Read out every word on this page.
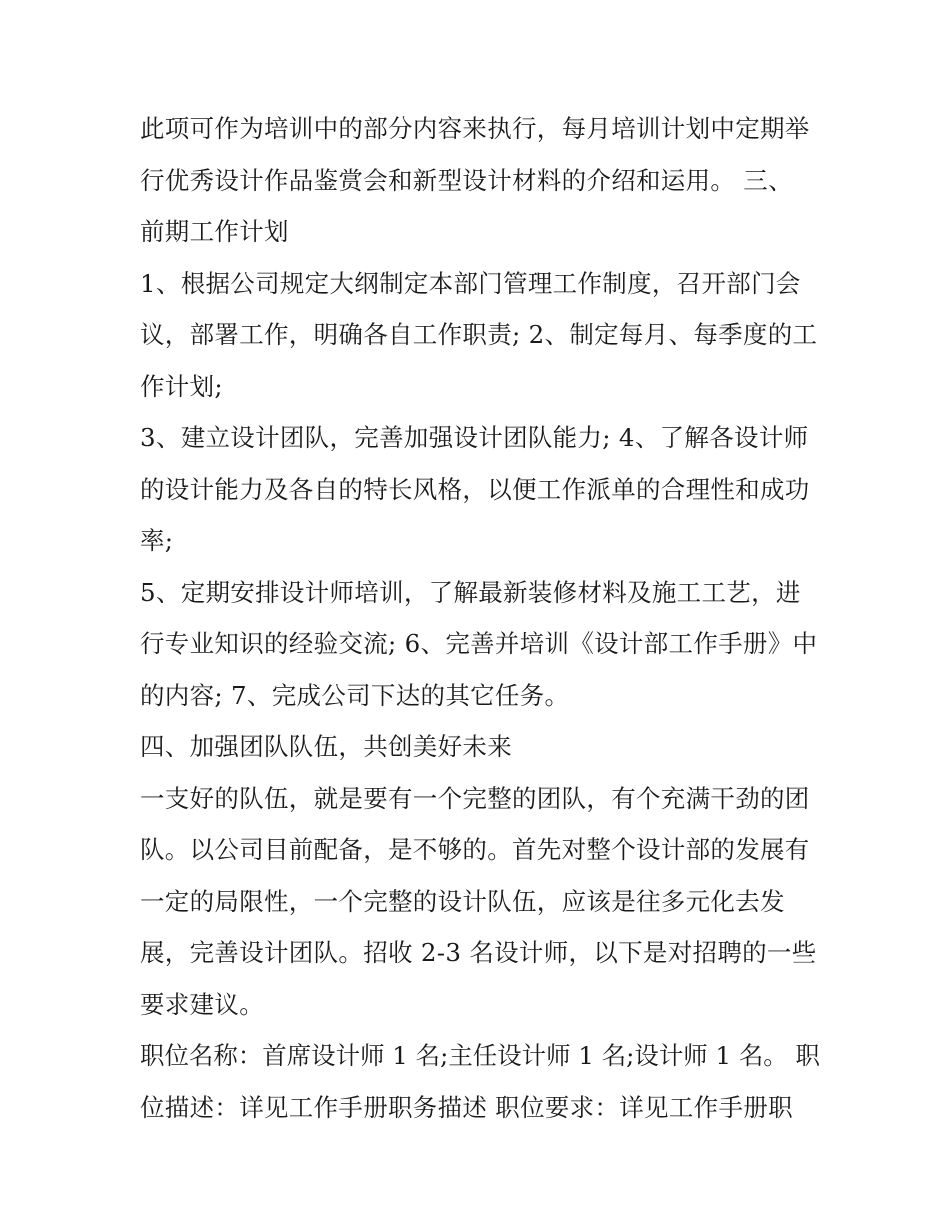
此项可作为培训中的部分内容来执行，每月培训计划中定期举
行优秀设计作品鉴赏会和新型设计材料的介绍和运用。 三、
前期工作计划
1、根据公司规定大纲制定本部门管理工作制度，召开部门会
议，部署工作，明确各自工作职责; 2、制定每月、每季度的工
作计划;
3、建立设计团队，完善加强设计团队能力; 4、了解各设计师
的设计能力及各自的特长风格，以便工作派单的合理性和成功
率;
5、定期安排设计师培训，了解最新装修材料及施工工艺，进
行专业知识的经验交流; 6、完善并培训《设计部工作手册》中
的内容; 7、完成公司下达的其它任务。
四、加强团队队伍，共创美好未来
一支好的队伍，就是要有一个完整的团队，有个充满干劲的团
队。以公司目前配备，是不够的。首先对整个设计部的发展有
一定的局限性，一个完整的设计队伍，应该是往多元化去发
展，完善设计团队。招收 2-3 名设计师，以下是对招聘的一些
要求建议。
职位名称：首席设计师 1 名;主任设计师 1 名;设计师 1 名。 职
位描述：详见工作手册职务描述 职位要求：详见工作手册职
